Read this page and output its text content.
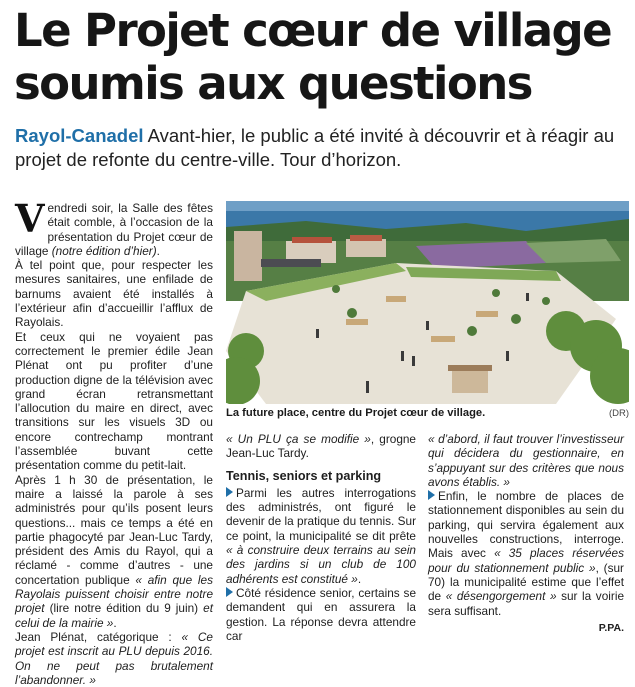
Le Projet cœur de village
soumis aux questions
Rayol-Canadel Avant-hier, le public a été invité à découvrir et à réagir au projet de refonte du centre-ville. Tour d’horizon.

Vendredi soir, la Salle des fêtes était comble, à l’occasion de la présentation du Projet cœur de village (notre édition d’hier).

À tel point que, pour respecter les mesures sanitaires, une enfilade de barnums avaient été installés à l’extérieur afin d’accueillir l’afflux de Rayolais.

Et ceux qui ne voyaient pas correctement le premier édile Jean Plénat ont pu profiter d’une production digne de la télévision avec grand écran retransmettant l’allocution du maire en direct, avec transitions sur les visuels 3D ou encore contrechamp montrant l’assemblée buvant cette présentation comme du petit-lait.

Après 1 h 30 de présentation, le maire a laissé la parole à ses administrés pour qu’ils posent leurs questions... mais ce temps a été en partie phagocyté par Jean-Luc Tardy, président des Amis du Rayol, qui a réclamé - comme d’autres - une concertation publique « afin que les Rayolais puissent choisir entre notre projet (lire notre édition du 9 juin) et celui de la mairie ».

Jean Plénat, catégorique : « Ce projet est inscrit au PLU depuis 2016. On ne peut pas brutalement l’abandonner. »

La future place, centre du Projet cœur de village.	(DR)

« Un PLU ça se modifie », grogne Jean-Luc Tardy.

Tennis, seniors et parking

Parmi les autres interrogations des administrés, ont figuré le devenir de la pratique du tennis. Sur ce point, la municipalité se dit prête « à construire deux terrains au sein des jardins si un club de 100 adhérents est constitué ».

Côté résidence senior, certains se demandent qui en assurera la gestion. La réponse devra attendre car

« d’abord, il faut trouver l’investisseur qui décidera du gestionnaire, en s’appuyant sur des critères que nous avons établis. »

Enfin, le nombre de places de stationnement disponibles au sein du parking, qui servira également aux nouvelles constructions, interroge. Mais avec « 35 places réservées pour du stationnement public », (sur 70) la municipalité estime que l’effet de « désengorgement » sur la voirie sera suffisant.

P.PA.
